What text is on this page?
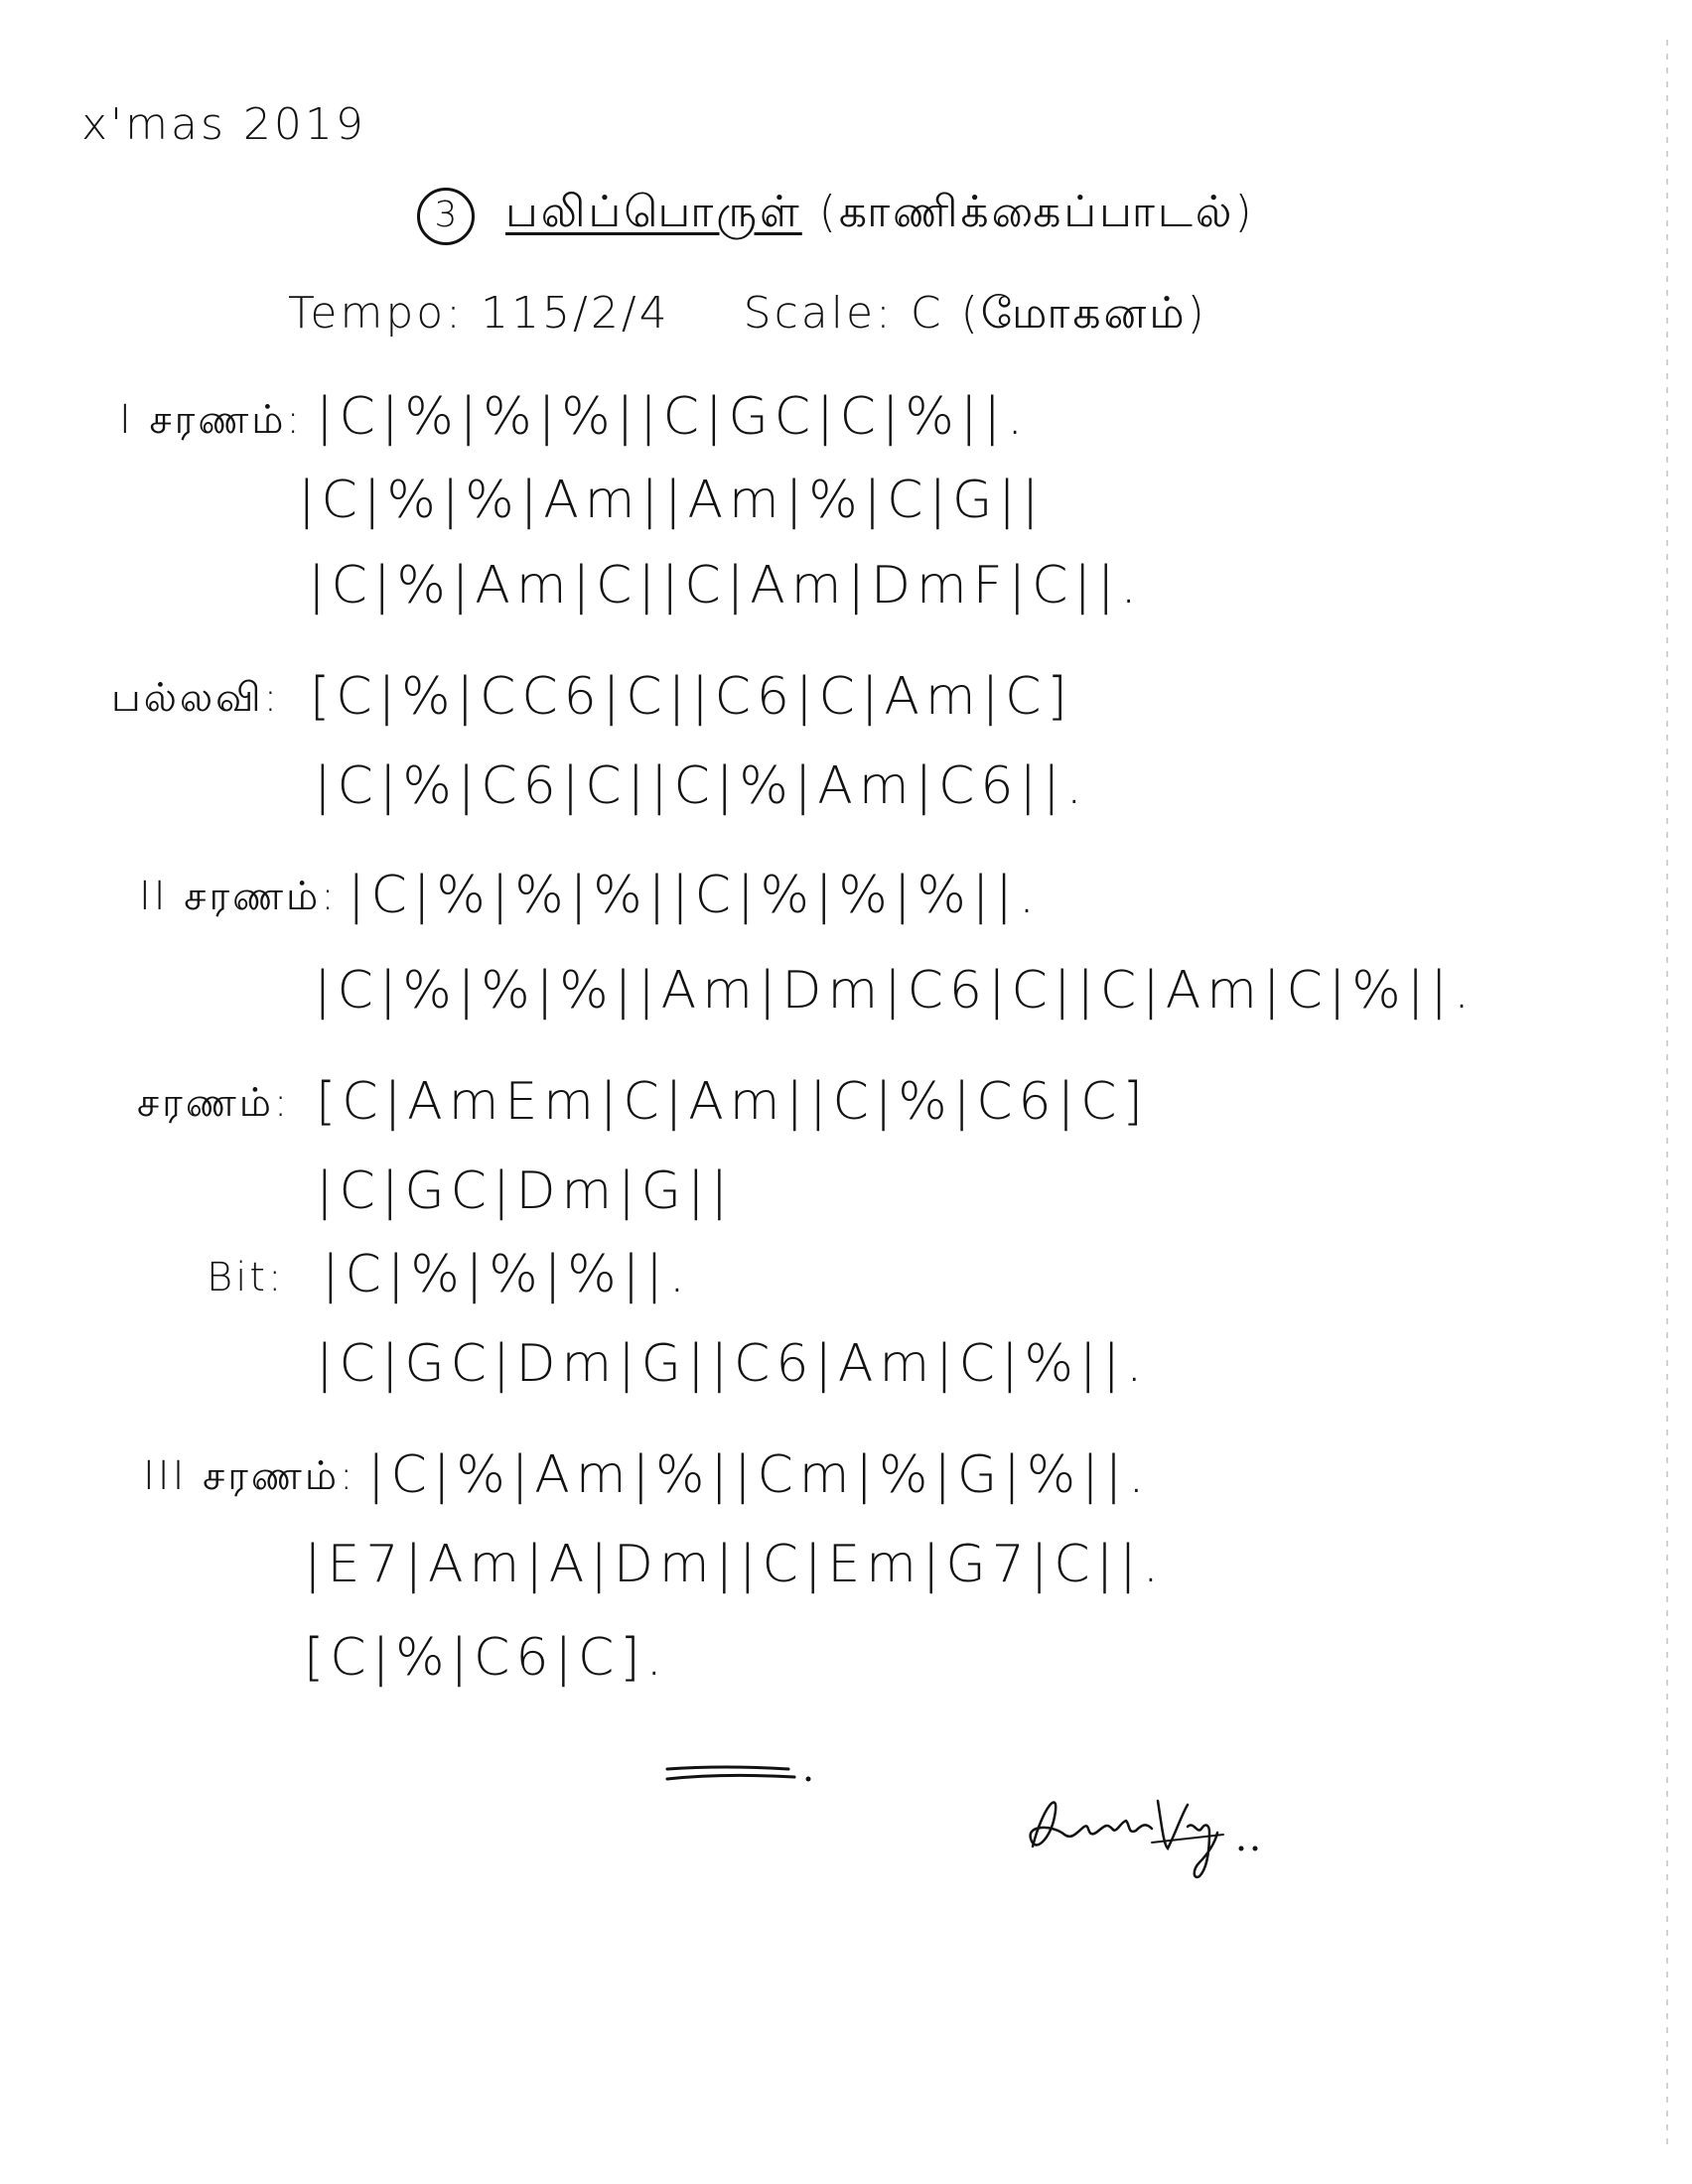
x'mas 2019
3 பலிப்பொருள் (காணிக்கைப்பாடல்)
Tempo: 115/2/4 Scale: C (மோகனம்)
I சரணம்: |C|%|%|%||C|GC|C|%||.
|C|%|%|Am||Am|%|C|G||
|C|%|Am|C||C|Am|DmF|C||.
பல்லவி: [C|%|CC6|C||C6|C|Am|C]
|C|%|C6|C||C|%|Am|C6||.
II சரணம்: |C|%|%|%||C|%|%|%||.
|C|%|%|%||Am|Dm|C6|C||C|Am|C|%||.
சரணம்: [C|AmEm|C|Am||C|%|C6|C]
|C|GC|Dm|G||
Bit: |C|%|%|%||.
|C|GC|Dm|G||C6|Am|C|%||.
III சரணம்: |C|%|Am|%||Cm|%|G|%||.
|E7|Am|A|Dm||C|Em|G7|C||.
[C|%|C6|C].
